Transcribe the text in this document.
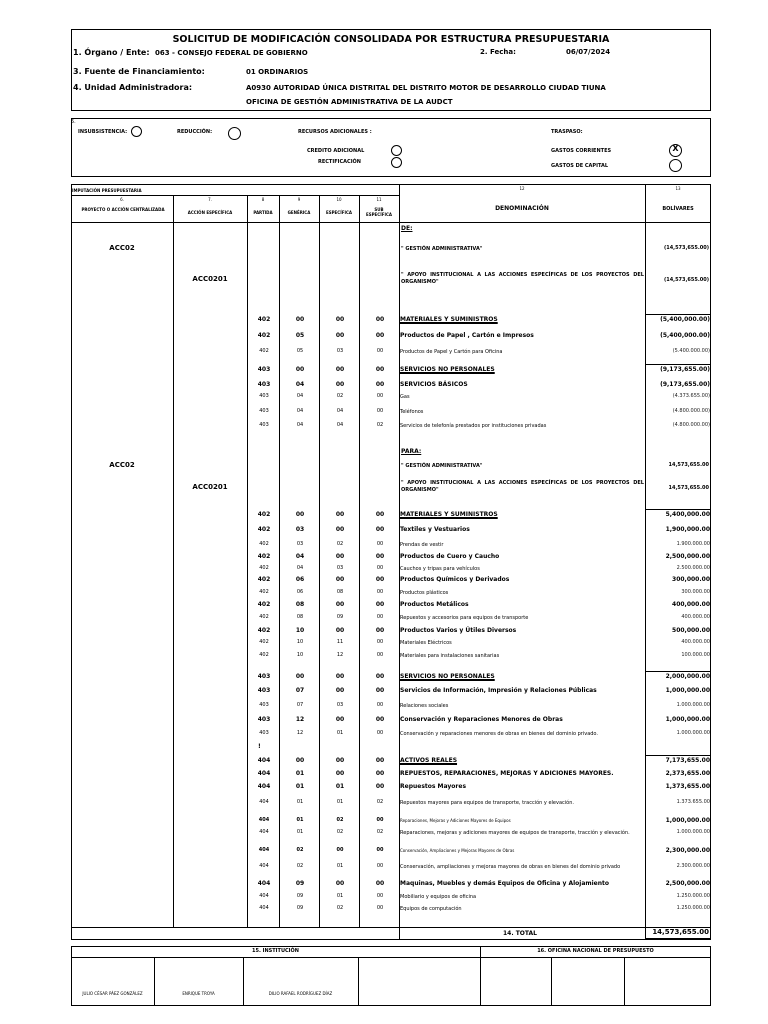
SOLICITUD DE MODIFICACIÓN CONSOLIDADA POR ESTRUCTURA PRESUPUESTARIA
1. Órgano / Ente: 063 - CONSEJO FEDERAL DE GOBIERNO	2. Fecha:	06/07/2024
3. Fuente de Financiamiento:	01 ORDINARIOS
4. Unidad Administradora:	A0930 AUTORIDAD ÚNICA DISTRITAL DEL DISTRITO MOTOR DE DESARROLLO CIUDAD TIUNA
OFICINA DE GESTIÓN ADMINISTRATIVA DE LA AUDCT
5.
INSUBSISTENCIA:	REDUCCIÓN:	RECURSOS ADICIONALES :
CREDITO ADICIONAL
RECTIFICACIÓN
TRASPASO:
GASTOS CORRIENTES	X
GASTOS DE CAPITAL
IMPUTACIÓN PRESUPUESTARIA
6.	7.	8	9	10	11
12	13
PROYECTO O ACCIÓN CENTRALIZADA
ACCIÓN ESPECÍFICA	PARTIDA	GENÉRICA	ESPECÍFICA
SUB ESPECÍFICA
DENOMINACIÓN	BOLÍVARES
DE:
ACC02	" GESTIÓN ADMINISTRATIVA"	(14,573,655.00)
ACC0201	" APOYO INSTITUCIONAL A LAS ACCIONES ESPECÍFICAS DE LOS PROYECTOS DEL ORGANISMO"	(14,573,655.00)
PARA:
ACC02	" GESTIÓN ADMINISTRATIVA"	14,573,655.00
ACC0201	" APOYO INSTITUCIONAL A LAS ACCIONES ESPECÍFICAS DE LOS PROYECTOS DEL ORGANISMO"	14,573,655.00
!
402	00	00	00	MATERIALES Y SUMINISTROS	(5,400,000.00)
402	05	00	00	Productos de Papel , Cartón e Impresos	(5,400,000.00)
402	05	03	00	Productos de Papel y Cartón para Oficina	(5.400.000.00)
403	00	00	00	SERVICIOS NO PERSONALES	(9,173,655.00)
403	04	00	00	SERVICIOS BÁSICOS	(9,173,655.00)
403	04	02	00	Gas	(4.373.655.00)
403	04	04	00	Teléfonos	(4.800.000.00)
403	04	04	02	Servicios de telefonía prestados por instituciones privadas	(4.800.000.00)
402	00	00	00	MATERIALES Y SUMINISTROS	5,400,000.00
402	03	00	00	Textiles y Vestuarios	1,900,000.00
402	03	02	00	Prendas de vestir	1.900.000.00
402	04	00	00	Productos de Cuero y Caucho	2,500,000.00
402	04	03	00	Cauchos y tripas para vehículos	2.500.000.00
402	06	00	00	Productos Químicos y Derivados	300,000.00
402	06	08	00	Productos plásticos	300.000.00
402	08	00	00	Productos Metálicos	400,000.00
402	08	09	00	Repuestos y accesorios para equipos de transporte	400.000.00
402	10	00	00	Productos Varios y Útiles Diversos	500,000.00
402	10	11	00	Materiales Eléctricos	400.000.00
402	10	12	00	Materiales para instalaciones sanitarias	100.000.00
403	00	00	00	SERVICIOS NO PERSONALES	2,000,000.00
403	07	00	00	Servicios de Información, Impresión y Relaciones Públicas	1,000,000.00
403	07	03	00	Relaciones sociales	1.000.000.00
403	12	00	00	Conservación y Reparaciones Menores de Obras	1,000,000.00
403	12	01	00	Conservación y reparaciones menores de obras en bienes del dominio privado.	1.000.000.00
404	00	00	00	ACTIVOS REALES	7,173,655.00
404	01	00	00	REPUESTOS, REPARACIONES, MEJORAS Y ADICIONES MAYORES.	2,373,655.00
404	01	01	00	Repuestos Mayores	1,373,655.00
404	01	01	02	Repuestos mayores para equipos de transporte, tracción y elevación.	1.373.655.00
404	01	02	00	Reparaciones, Mejoras y Adiciones Mayores de Equipos	1,000,000.00
404	01	02	02	Reparaciones, mejoras y adiciones mayores de equipos de transporte, tracción y elevación.	1.000.000.00
404	02	00	00	Conservación, Ampliaciones y Mejoras Mayores de Obras	2,300,000.00
404	02	01	00	Conservación, ampliaciones y mejoras mayores de obras en bienes del dominio privado	2.300.000.00
404	09	00	00	Maquinas, Muebles y demás Equipos de Oficina y Alojamiento	2,500,000.00
404	09	01	00	Mobiliario y equipos de oficina	1.250.000.00
404	09	02	00	Equipos de computación	1.250.000.00
14. TOTAL	14,573,655.00
15. INSTITUCIÓN	16. OFICINA NACIONAL DE PRESUPUESTO
JULIO CÉSAR PÁEZ GONZÁLEZ	ENRIQUE TROYA	DILIO RAFAEL RODRÍGUEZ DÍAZ
